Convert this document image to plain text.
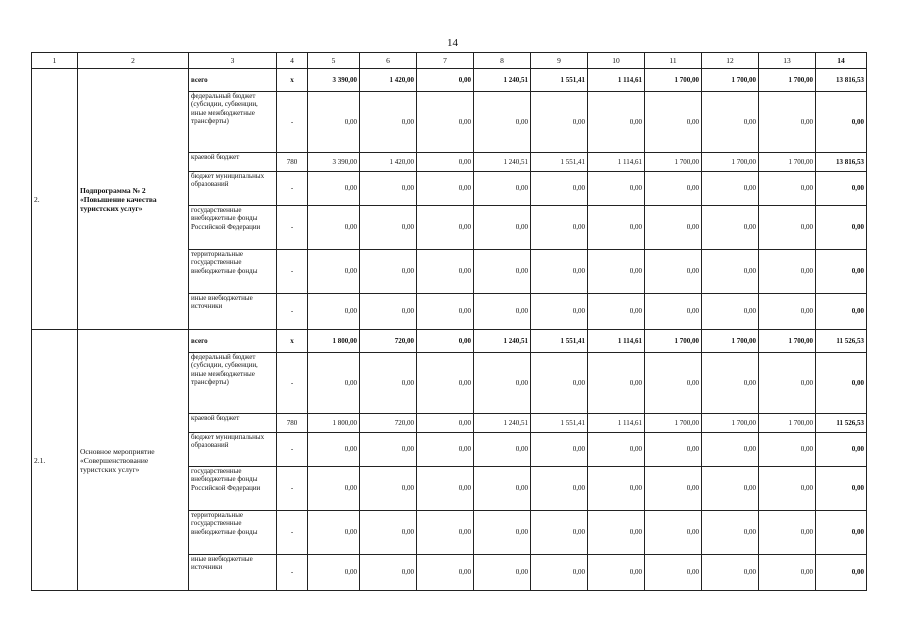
14
1	2	3	4	5	6	7	8	9	10	11	12	13	14
2.	Подпрограмма № 2 «Повышение качества туристских услуг»	всего	х	3 390,00	1 420,00	0,00	1 240,51	1 551,41	1 114,61	1 700,00	1 700,00	1 700,00	13 816,53
		федеральный бюджет (субсидии, субвенции, иные межбюджетные трансферты)	-	0,00	0,00	0,00	0,00	0,00	0,00	0,00	0,00	0,00	0,00
		краевой бюджет	780	3 390,00	1 420,00	0,00	1 240,51	1 551,41	1 114,61	1 700,00	1 700,00	1 700,00	13 816,53
		бюджет муниципальных образований	-	0,00	0,00	0,00	0,00	0,00	0,00	0,00	0,00	0,00	0,00
		государственные внебюджетные фонды Российской Федерации	-	0,00	0,00	0,00	0,00	0,00	0,00	0,00	0,00	0,00	0,00
		территориальные государственные внебюджетные фонды	-	0,00	0,00	0,00	0,00	0,00	0,00	0,00	0,00	0,00	0,00
		иные внебюджетные источники	-	0,00	0,00	0,00	0,00	0,00	0,00	0,00	0,00	0,00	0,00
2.1.	Основное мероприятие «Совершенствование туристских услуг»	всего	х	1 800,00	720,00	0,00	1 240,51	1 551,41	1 114,61	1 700,00	1 700,00	1 700,00	11 526,53
		федеральный бюджет (субсидии, субвенции, иные межбюджетные трансферты)	-	0,00	0,00	0,00	0,00	0,00	0,00	0,00	0,00	0,00	0,00
		краевой бюджет	780	1 800,00	720,00	0,00	1 240,51	1 551,41	1 114,61	1 700,00	1 700,00	1 700,00	11 526,53
		бюджет муниципальных образований	-	0,00	0,00	0,00	0,00	0,00	0,00	0,00	0,00	0,00	0,00
		государственные внебюджетные фонды Российской Федерации	-	0,00	0,00	0,00	0,00	0,00	0,00	0,00	0,00	0,00	0,00
		территориальные государственные внебюджетные фонды	-	0,00	0,00	0,00	0,00	0,00	0,00	0,00	0,00	0,00	0,00
		иные внебюджетные источники	-	0,00	0,00	0,00	0,00	0,00	0,00	0,00	0,00	0,00	0,00
